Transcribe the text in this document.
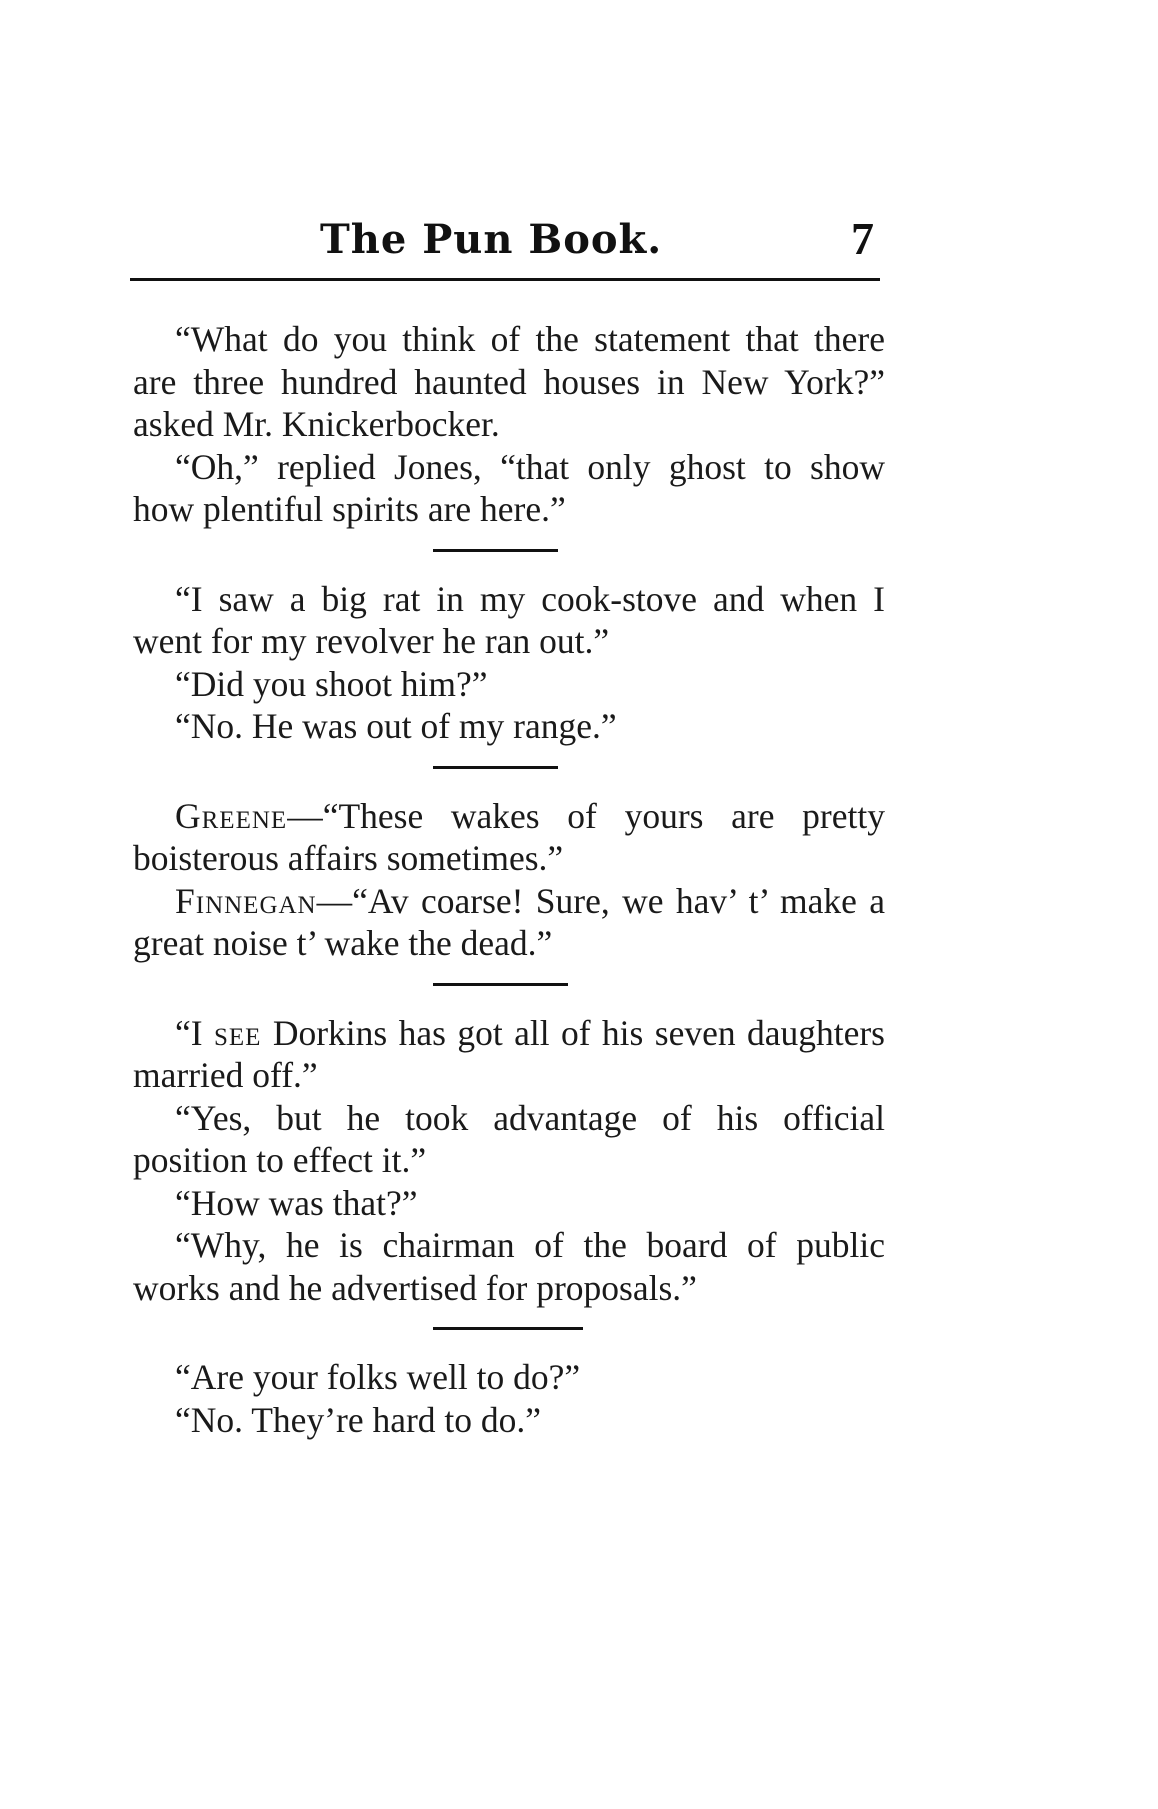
The Pun Book.	7

“What do you think of the statement that there are three hundred haunted houses in New York?” asked Mr. Knickerbocker.

“Oh,” replied Jones, “that only ghost to show how plentiful spirits are here.”

“I saw a big rat in my cook-stove and when I went for my revolver he ran out.”

“Did you shoot him?”

“No. He was out of my range.”

Greene—“These wakes of yours are pretty boisterous affairs sometimes.”

Finnegan—“Av coarse! Sure, we hav’ t’ make a great noise t’ wake the dead.”

“I see Dorkins has got all of his seven daughters married off.”

“Yes, but he took advantage of his official position to effect it.”

“How was that?”

“Why, he is chairman of the board of public works and he advertised for proposals.”

“Are your folks well to do?”

“No. They’re hard to do.”
